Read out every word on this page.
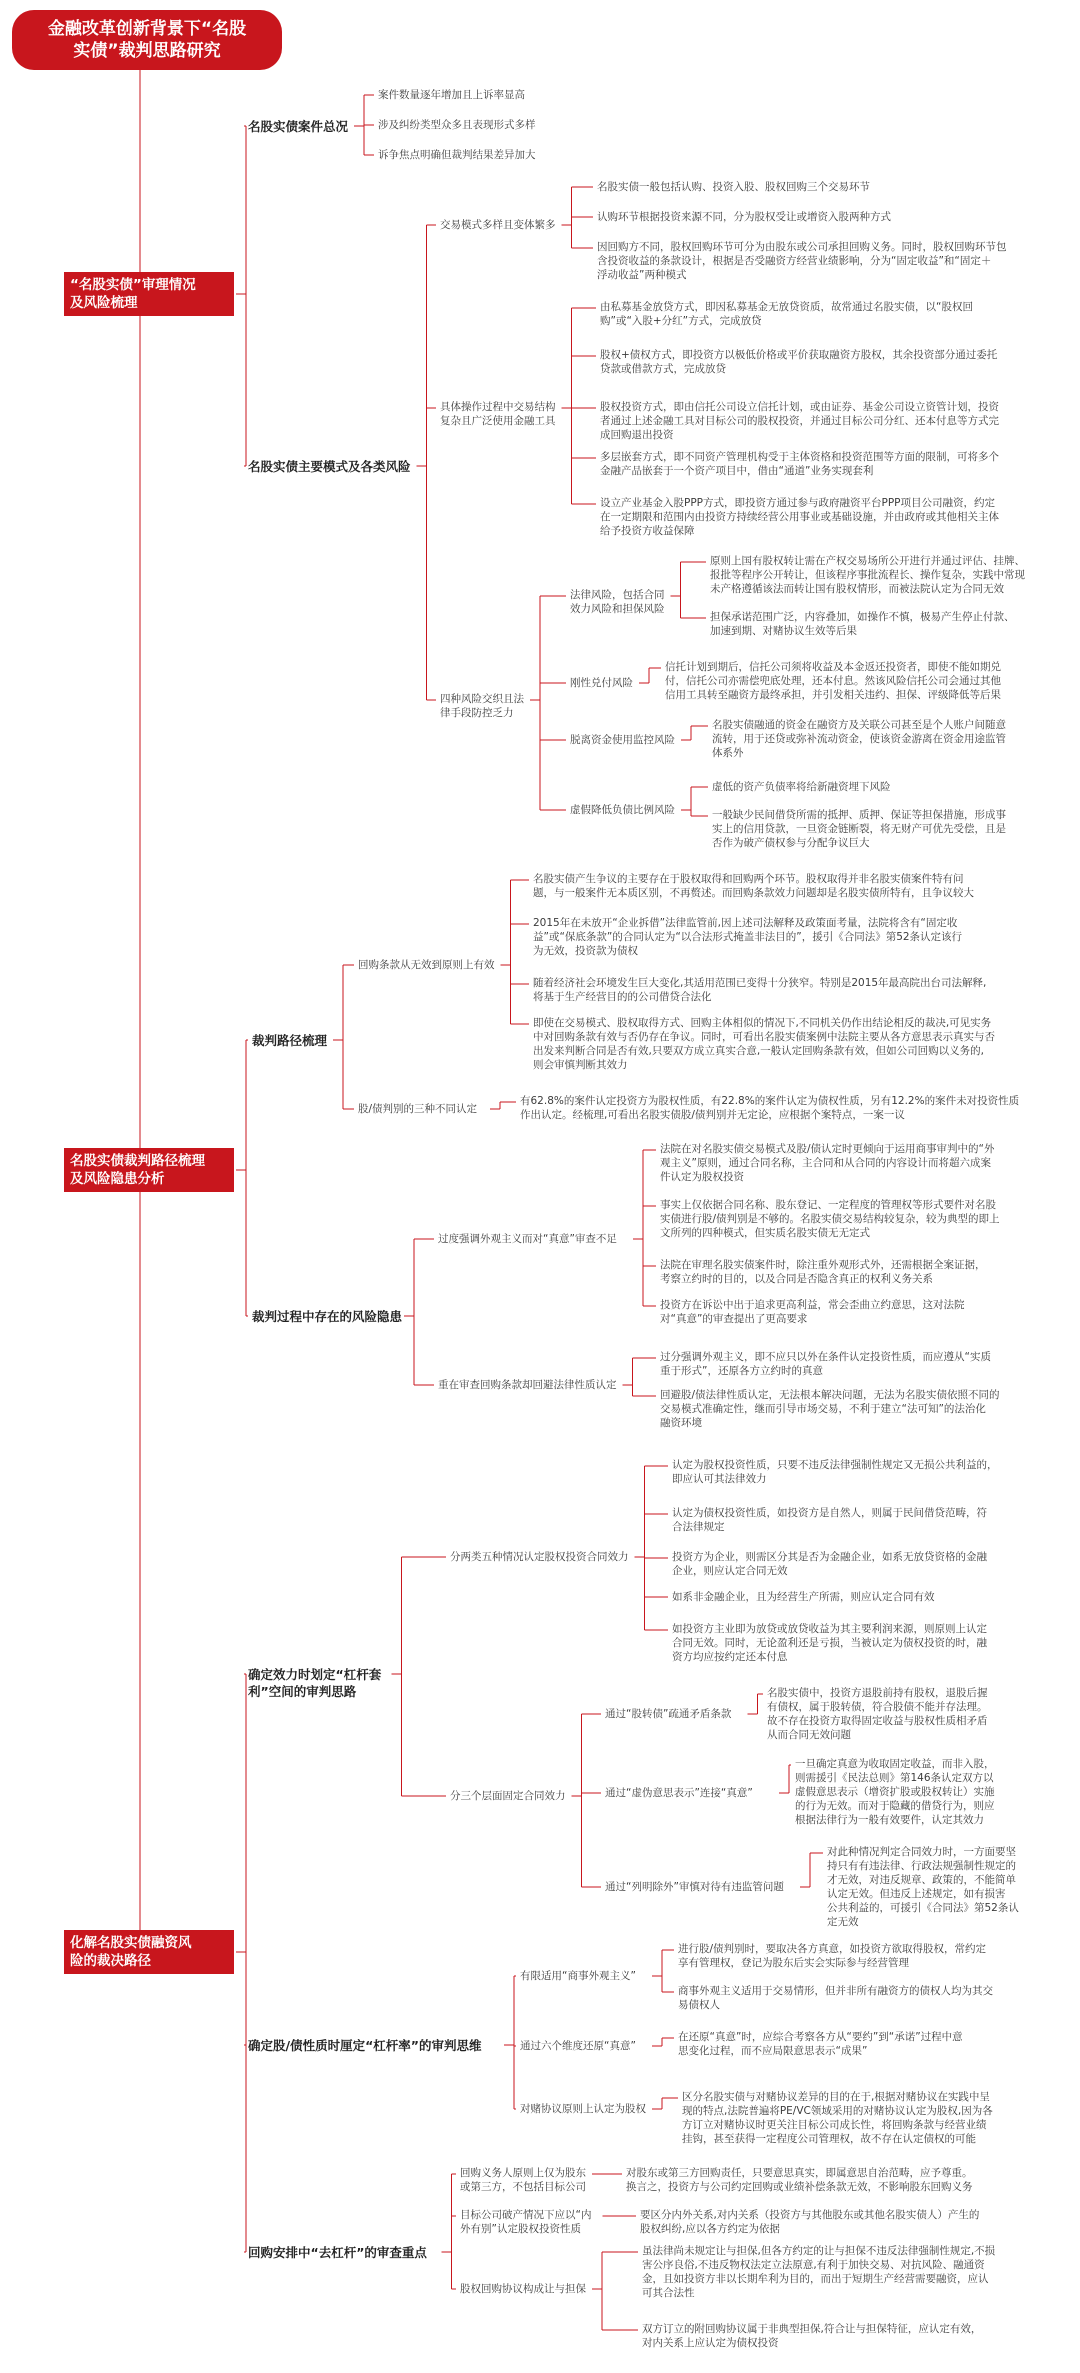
金融改革创新背景下“名股
实债”裁判思路研究
“名股实债”审理情况
及风险梳理
名股实债案件总况
案件数量逐年增加且上诉率显高
涉及纠纷类型众多且表现形式多样
诉争焦点明确但裁判结果差异加大
名股实债主要模式及各类风险
交易模式多样且变体繁多
名股实债一般包括认购、投资入股、股权回购三个交易环节
认购环节根据投资来源不同，分为股权受让或增资入股两种方式
因回购方不同，股权回购环节可分为由股东或公司承担回购义务。同时，股权回购环节包
含投资收益的条款设计，根据是否受融资方经营业绩影响，分为“固定收益”和“固定＋
浮动收益”两种模式
具体操作过程中交易结构
复杂且广泛使用金融工具
由私募基金放贷方式，即因私募基金无放贷资质，故常通过名股实债，以“股权回
购”或“入股+分红”方式，完成放贷
股权+债权方式，即投资方以极低价格或平价获取融资方股权，其余投资部分通过委托
贷款或借款方式，完成放贷
股权投资方式，即由信托公司设立信托计划，或由证券、基金公司设立资管计划，投资
者通过上述金融工具对目标公司的股权投资，并通过目标公司分红、还本付息等方式完
成回购退出投资
多层嵌套方式，即不同资产管理机构受于主体资格和投资范围等方面的限制，可将多个
金融产品嵌套于一个资产项目中，借由“通道”业务实现套利
设立产业基金入股PPP方式，即投资方通过参与政府融资平台PPP项目公司融资，约定
在一定期限和范围内由投资方持续经营公用事业或基础设施，并由政府或其他相关主体
给予投资方收益保障
四种风险交织且法
律手段防控乏力
法律风险，包括合同
效力风险和担保风险
原则上国有股权转让需在产权交易场所公开进行并通过评估、挂牌、
报批等程序公开转让，但该程序事批流程长、操作复杂，实践中常现
未产格遵循该法而转让国有股权情形，而被法院认定为合同无效
担保承诺范围广泛，内容叠加，如操作不慎，极易产生停止付款、
加速到期、对赌协议生效等后果
刚性兑付风险
信托计划到期后，信托公司须将收益及本金返还投资者，即使不能如期兑
付，信托公司亦需偿兜底处理，还本付息。然该风险信托公司会通过其他
信用工具转至融资方最终承担，并引发相关违约、担保、评级降低等后果
脱离资金使用监控风险
名股实债融通的资金在融资方及关联公司甚至是个人账户间随意
流转，用于还贷或弥补流动资金，使该资金游离在资金用途监管
体系外
虚假降低负债比例风险
虚低的资产负债率将给新融资埋下风险
一般缺少民间借贷所需的抵押、质押、保证等担保措施，形成事
实上的信用贷款，一旦资金链断裂，将无财产可优先受偿，且是
否作为破产债权参与分配争议巨大
名股实债裁判路径梳理
及风险隐患分析
裁判路径梳理
回购条款从无效到原则上有效
名股实债产生争议的主要存在于股权取得和回购两个环节。股权取得并非名股实债案件特有问
题，与一般案件无本质区别，不再赘述。而回购条款效力问题却是名股实债所特有，且争议较大
2015年在未放开“企业拆借”法律监管前,因上述司法解释及政策面考量，法院将含有“固定收
益”或“保底条款”的合同认定为“以合法形式掩盖非法目的”，援引《合同法》第52条认定该行
为无效，投资款为债权
随着经济社会环境发生巨大变化,其适用范围已变得十分狭窄。特别是2015年最高院出台司法解释,
将基于生产经营目的的公司借贷合法化
即使在交易模式、股权取得方式、回购主体相似的情况下,不同机关仍作出结论相反的裁决,可见实务
中对回购条款有效与否仍存在争议。同时，可看出名股实债案例中法院主要从各方意思表示真实与否
出发来判断合同是否有效,只要双方成立真实合意,一般认定回购条款有效，但如公司回购以义务的,
则会审慎判断其效力
股/债判别的三种不同认定
有62.8%的案件认定投资方为股权性质，有22.8%的案件认定为债权性质，另有12.2%的案件未对投资性质
作出认定。经梳理,可看出名股实债股/债判别并无定论，应根据个案特点，一案一议
裁判过程中存在的风险隐患
过度强调外观主义而对“真意”审查不足
法院在对名股实债交易模式及股/债认定时更倾向于运用商事审判中的“外
观主义”原则，通过合同名称，主合同和从合同的内容设计而将超六成案
件认定为股权投资
事实上仅依据合同名称、股东登记、一定程度的管理权等形式要件对名股
实债进行股/债判别是不够的。名股实债交易结构较复杂，较为典型的即上
文所列的四种模式，但实质名股实债无无定式
法院在审理名股实债案件时，除注重外观形式外，还需根据全案证据，
考察立约时的目的，以及合同是否隐含真正的权利义务关系
投资方在诉讼中出于追求更高利益，常会歪曲立约意思，这对法院
对“真意”的审查提出了更高要求
重在审查回购条款却回避法律性质认定
过分强调外观主义，即不应只以外在条件认定投资性质，而应遵从“实质
重于形式”，还原各方立约时的真意
回避股/债法律性质认定，无法根本解决问题，无法为名股实债依照不同的
交易模式准确定性，继而引导市场交易，不利于建立“法可知”的法治化
融资环境
化解名股实债融资风
险的裁决路径
确定效力时划定“杠杆套
利”空间的审判思路
分两类五种情况认定股权投资合同效力
认定为股权投资性质，只要不违反法律强制性规定又无损公共利益的，
即应认可其法律效力
认定为债权投资性质，如投资方是自然人，则属于民间借贷范畴，符
合法律规定
投资方为企业，则需区分其是否为金融企业，如系无放贷资格的金融
企业，则应认定合同无效
如系非金融企业，且为经营生产所需，则应认定合同有效
如投资方主业即为放贷或放贷收益为其主要利润来源，则原则上认定
合同无效。同时，无论盈利还是亏损，当被认定为债权投资的时，融
资方均应按约定还本付息
分三个层面固定合同效力
通过“股转债”疏通矛盾条款
名股实债中，投资方退股前持有股权，退股后握
有债权，属于股转债，符合股债不能并存法理。
故不存在投资方取得固定收益与股权性质相矛盾
从而合同无效问题
通过“虚伪意思表示”连接“真意”
一旦确定真意为收取固定收益，而非入股，
则需援引《民法总则》第146条认定双方以
虚假意思表示（增资扩股或股权转让）实施
的行为无效。而对于隐藏的借贷行为，则应
根据法律行为一般有效要件，认定其效力
通过“列明除外”审慎对待有违监管问题
对此种情况判定合同效力时，一方面要坚
持只有有违法律、行政法规强制性规定的
才无效，对违反规章、政策的，不能简单
认定无效。但违反上述规定，如有损害
公共利益的，可援引《合同法》第52条认
定无效
确定股/债性质时厘定“杠杆率”的审判思维
有限适用“商事外观主义”
进行股/债判别时，要取决各方真意，如投资方欲取得股权，常约定
享有管理权，登记为股东后实会实际参与经营管理
商事外观主义适用于交易情形，但并非所有融资方的债权人均为其交
易债权人
通过六个维度还原“真意”
在还原“真意”时，应综合考察各方从“要约”到“承诺”过程中意
思变化过程，而不应局限意思表示“成果”
对赌协议原则上认定为股权
区分名股实债与对赌协议差异的目的在于,根据对赌协议在实践中呈
现的特点,法院普遍将PE/VC领域采用的对赌协议认定为股权,因为各
方订立对赌协议时更关注目标公司成长性，将回购条款与经营业绩
挂钩，甚至获得一定程度公司管理权，故不存在认定债权的可能
回购安排中“去杠杆”的审查重点
回购义务人原则上仅为股东
或第三方，不包括目标公司
对股东或第三方回购责任，只要意思真实，即属意思自治范畴，应予尊重。
换言之，投资方与公司约定回购或业绩补偿条款无效，不影响股东回购义务
目标公司破产情况下应以“内
外有别”认定股权投资性质
要区分内外关系,对内关系（投资方与其他股东或其他名股实债人）产生的
股权纠纷,应以各方约定为依据
股权回购协议构成让与担保
虽法律尚未规定让与担保,但各方约定的让与担保不违反法律强制性规定,不损
害公序良俗,不违反物权法定立法原意,有利于加快交易、对抗风险、融通资
金，且如投资方非以长期牟利为目的，而出于短期生产经营需要融资，应认
可其合法性
双方订立的附回购协议属于非典型担保,符合让与担保特征，应认定有效，
对内关系上应认定为债权投资
